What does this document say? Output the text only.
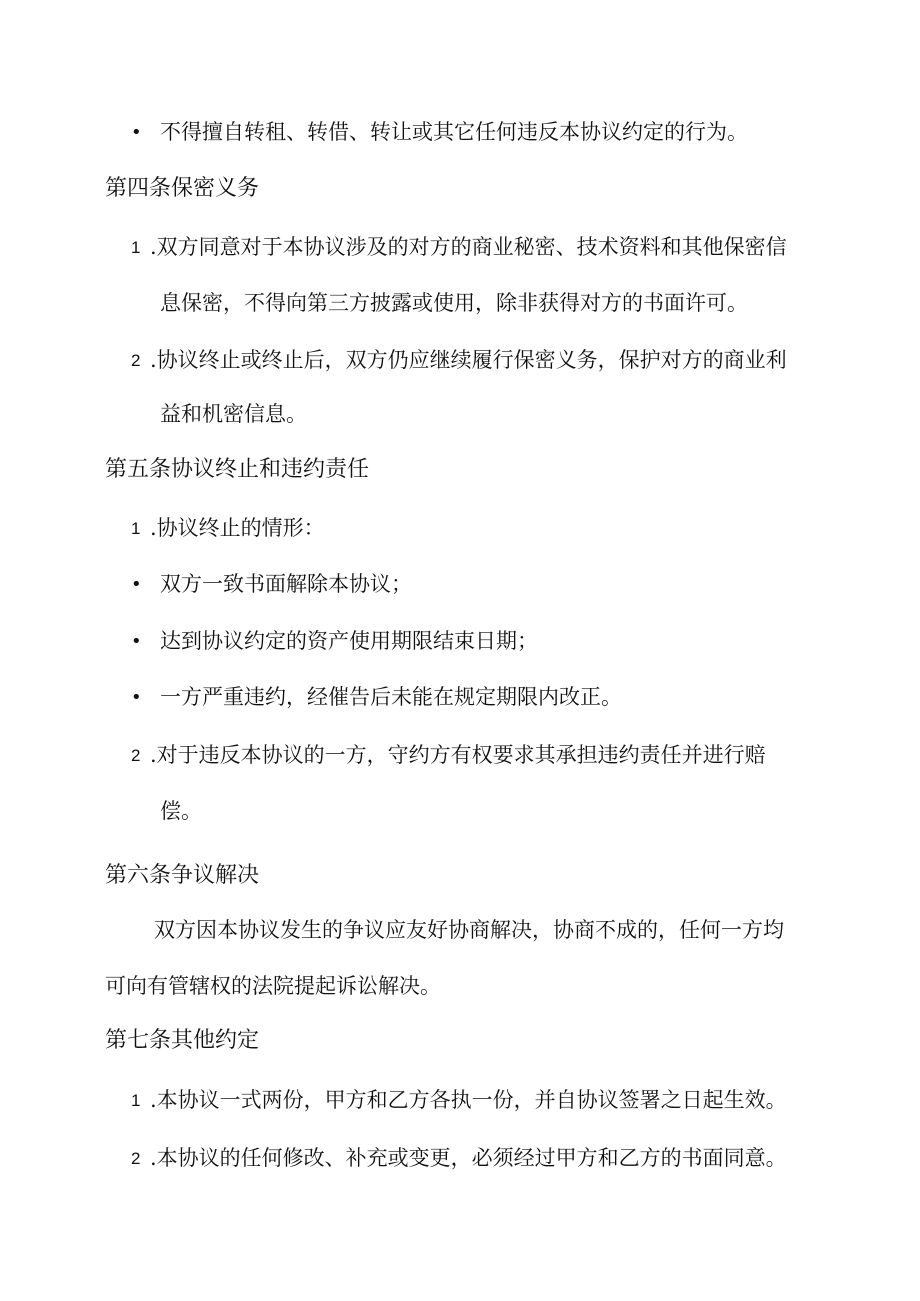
• 不得擅自转租、转借、转让或其它任何违反本协议约定的行为。
第四条保密义务
1 .双方同意对于本协议涉及的对方的商业秘密、技术资料和其他保密信
息保密，不得向第三方披露或使用，除非获得对方的书面许可。
2 .协议终止或终止后，双方仍应继续履行保密义务，保护对方的商业利
益和机密信息。
第五条协议终止和违约责任
1 .协议终止的情形：
• 双方一致书面解除本协议；
• 达到协议约定的资产使用期限结束日期；
• 一方严重违约，经催告后未能在规定期限内改正。
2 .对于违反本协议的一方，守约方有权要求其承担违约责任并进行赔
偿。
第六条争议解决
双方因本协议发生的争议应友好协商解决，协商不成的，任何一方均
可向有管辖权的法院提起诉讼解决。
第七条其他约定
1 .本协议一式两份，甲方和乙方各执一份，并自协议签署之日起生效。
2 .本协议的任何修改、补充或变更，必须经过甲方和乙方的书面同意。
